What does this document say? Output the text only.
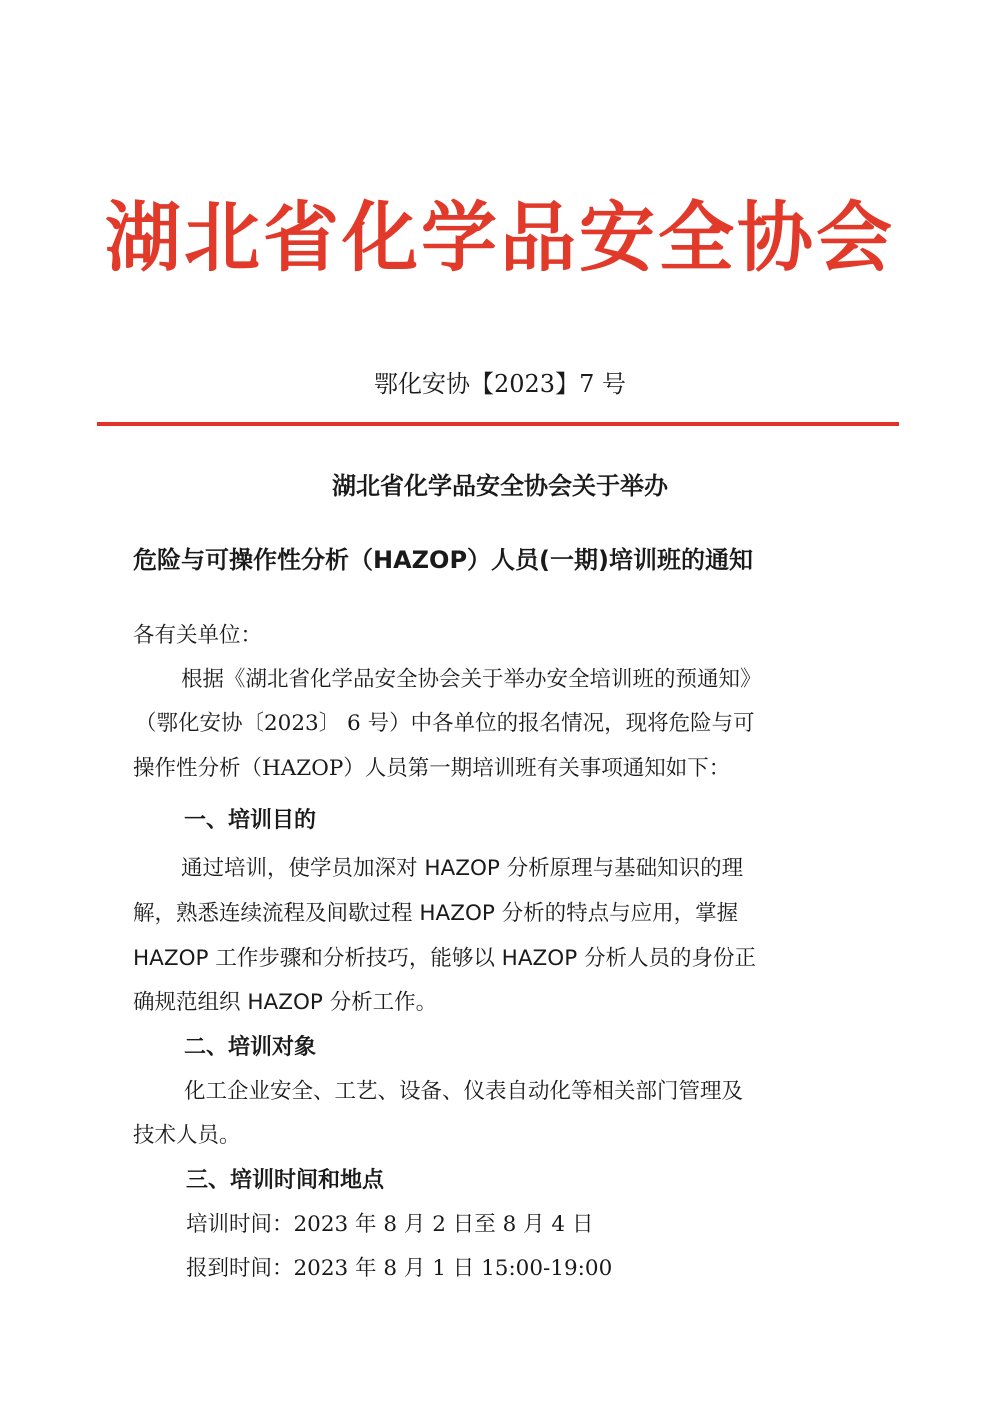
湖北省化学品安全协会
鄂化安协【2023】7 号
湖北省化学品安全协会关于举办
危险与可操作性分析（HAZOP）人员(一期)培训班的通知
各有关单位：
根据《湖北省化学品安全协会关于举办安全培训班的预通知》
（鄂化安协〔2023〕 6 号）中各单位的报名情况，现将危险与可
操作性分析（HAZOP）人员第一期培训班有关事项通知如下：
一、培训目的
通过培训，使学员加深对 HAZOP 分析原理与基础知识的理
解，熟悉连续流程及间歇过程 HAZOP 分析的特点与应用，掌握
HAZOP 工作步骤和分析技巧，能够以 HAZOP 分析人员的身份正
确规范组织 HAZOP 分析工作。
二、培训对象
化工企业安全、工艺、设备、仪表自动化等相关部门管理及
技术人员。
三、培训时间和地点
培训时间：2023 年 8 月 2 日至 8 月 4 日
报到时间：2023 年 8 月 1 日 15:00-19:00
